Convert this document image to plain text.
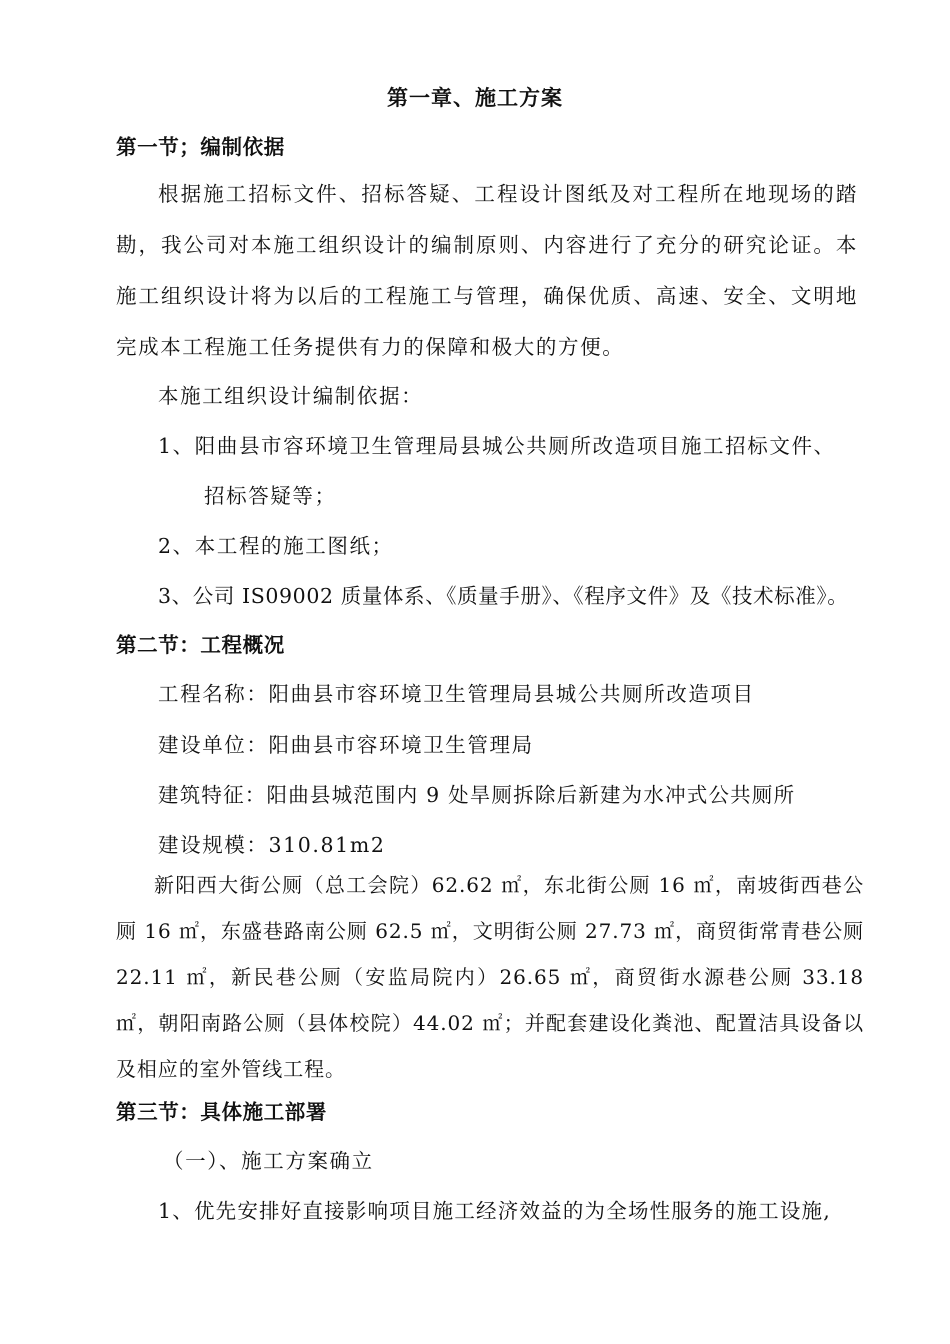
第一章、施工方案
第一节；编制依据
根据施工招标文件、招标答疑、工程设计图纸及对工程所在地现场的踏勘，我公司对本施工组织设计的编制原则、内容进行了充分的研究论证。本施工组织设计将为以后的工程施工与管理，确保优质、高速、安全、文明地完成本工程施工任务提供有力的保障和极大的方便。
本施工组织设计编制依据：
1、阳曲县市容环境卫生管理局县城公共厕所改造项目施工招标文件、
招标答疑等；
2、本工程的施工图纸；
3、公司 IS09002 质量体系、《质量手册》、《程序文件》及《技术标准》。
第二节：工程概况
工程名称：阳曲县市容环境卫生管理局县城公共厕所改造项目
建设单位：阳曲县市容环境卫生管理局
建筑特征：阳曲县城范围内 9 处旱厕拆除后新建为水冲式公共厕所
建设规模：310.81m2
新阳西大街公厕（总工会院）62.62 ㎡，东北街公厕 16 ㎡，南坡街西巷公厕 16 ㎡，东盛巷路南公厕 62.5 ㎡，文明街公厕 27.73 ㎡，商贸街常青巷公厕 22.11 ㎡，新民巷公厕（安监局院内）26.65 ㎡，商贸街水源巷公厕 33.18 ㎡，朝阳南路公厕（县体校院）44.02 ㎡；并配套建设化粪池、配置洁具设备以及相应的室外管线工程。
第三节：具体施工部署
（一）、施工方案确立
1、优先安排好直接影响项目施工经济效益的为全场性服务的施工设施,
